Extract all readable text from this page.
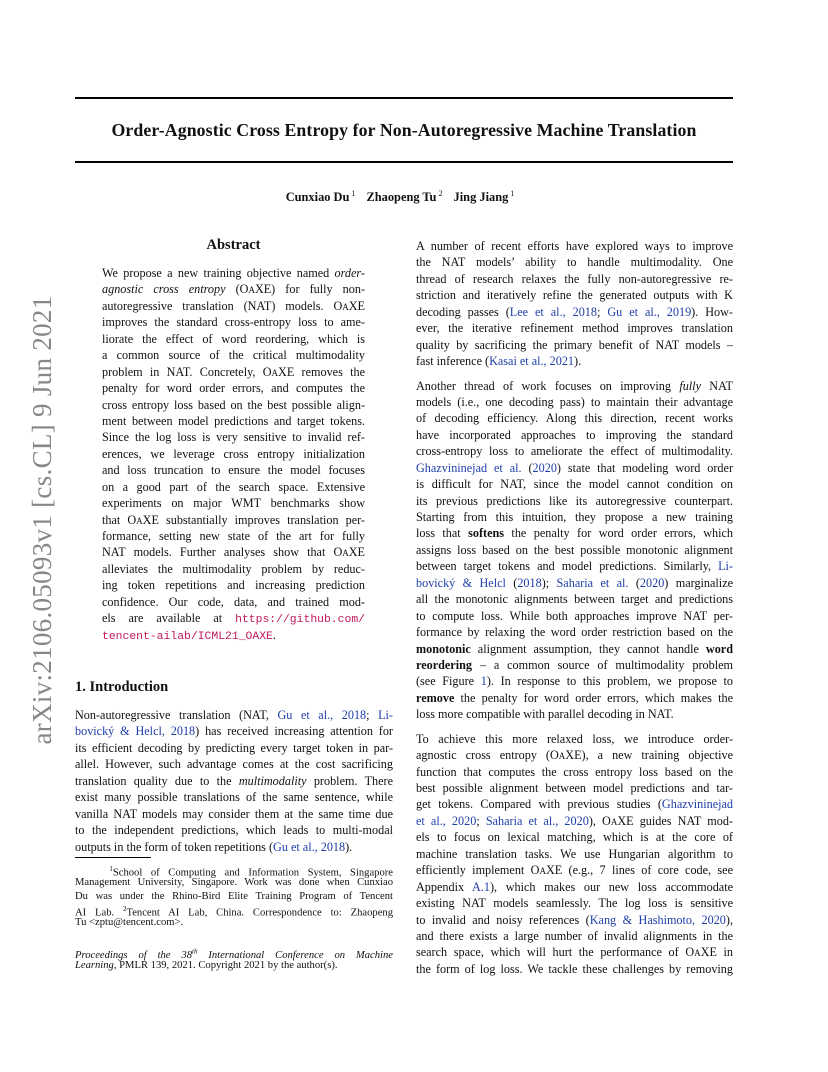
Order-Agnostic Cross Entropy for Non-Autoregressive Machine Translation
Cunxiao Du $^1$ Zhaopeng Tu $^2$ Jing Jiang $^1$
arXiv:2106.05093v1 [cs.CL] 9 Jun 2021
Abstract
We propose a new training objective named order-
agnostic cross entropy (OaXE) for fully non-
autoregressive translation (NAT) models. OaXE
improves the standard cross-entropy loss to ame-
liorate the effect of word reordering, which is
a common source of the critical multimodality
problem in NAT. Concretely, OaXE removes the
penalty for word order errors, and computes the
cross entropy loss based on the best possible align-
ment between model predictions and target tokens.
Since the log loss is very sensitive to invalid ref-
erences, we leverage cross entropy initialization
and loss truncation to ensure the model focuses
on a good part of the search space. Extensive
experiments on major WMT benchmarks show
that OaXE substantially improves translation per-
formance, setting new state of the art for fully
NAT models. Further analyses show that OaXE
alleviates the multimodality problem by reduc-
ing token repetitions and increasing prediction
confidence. Our code, data, and trained mod-
els are available at https://github.com/
tencent-ailab/ICML21_OAXE.
1. Introduction
Non-autoregressive translation (NAT, Gu et al., 2018; Li-
bovický & Helcl, 2018) has received increasing attention for
its efficient decoding by predicting every target token in par-
allel. However, such advantage comes at the cost sacrificing
translation quality due to the multimodality problem. There
exist many possible translations of the same sentence, while
vanilla NAT models may consider them at the same time due
to the independent predictions, which leads to multi-modal
outputs in the form of token repetitions (Gu et al., 2018).
$^1$School of Computing and Information System, Singapore
Management University, Singapore. Work was done when Cunxiao
Du was under the Rhino-Bird Elite Training Program of Tencent
AI Lab. $^2$Tencent AI Lab, China. Correspondence to: Zhaopeng
Tu <zptu@tencent.com>.
Proceedings of the 38th International Conference on Machine
Learning, PMLR 139, 2021. Copyright 2021 by the author(s).
A number of recent efforts have explored ways to improve
the NAT models’ ability to handle multimodality. One
thread of research relaxes the fully non-autoregressive re-
striction and iteratively refine the generated outputs with K
decoding passes (Lee et al., 2018; Gu et al., 2019). How-
ever, the iterative refinement method improves translation
quality by sacrificing the primary benefit of NAT models –
fast inference (Kasai et al., 2021).
Another thread of work focuses on improving fully NAT
models (i.e., one decoding pass) to maintain their advantage
of decoding efficiency. Along this direction, recent works
have incorporated approaches to improving the standard
cross-entropy loss to ameliorate the effect of multimodality.
Ghazvininejad et al. (2020) state that modeling word order
is difficult for NAT, since the model cannot condition on
its previous predictions like its autoregressive counterpart.
Starting from this intuition, they propose a new training
loss that softens the penalty for word order errors, which
assigns loss based on the best possible monotonic alignment
between target tokens and model predictions. Similarly, Li-
bovický & Helcl (2018); Saharia et al. (2020) marginalize
all the monotonic alignments between target and predictions
to compute loss. While both approaches improve NAT per-
formance by relaxing the word order restriction based on the
monotonic alignment assumption, they cannot handle word
reordering – a common source of multimodality problem
(see Figure 1). In response to this problem, we propose to
remove the penalty for word order errors, which makes the
loss more compatible with parallel decoding in NAT.
To achieve this more relaxed loss, we introduce order-
agnostic cross entropy (OaXE), a new training objective
function that computes the cross entropy loss based on the
best possible alignment between model predictions and tar-
get tokens. Compared with previous studies (Ghazvininejad
et al., 2020; Saharia et al., 2020), OaXE guides NAT mod-
els to focus on lexical matching, which is at the core of
machine translation tasks. We use Hungarian algorithm to
efficiently implement OaXE (e.g., 7 lines of core code, see
Appendix A.1), which makes our new loss accommodate
existing NAT models seamlessly. The log loss is sensitive
to invalid and noisy references (Kang & Hashimoto, 2020),
and there exists a large number of invalid alignments in the
search space, which will hurt the performance of OaXE in
the form of log loss. We tackle these challenges by removing
